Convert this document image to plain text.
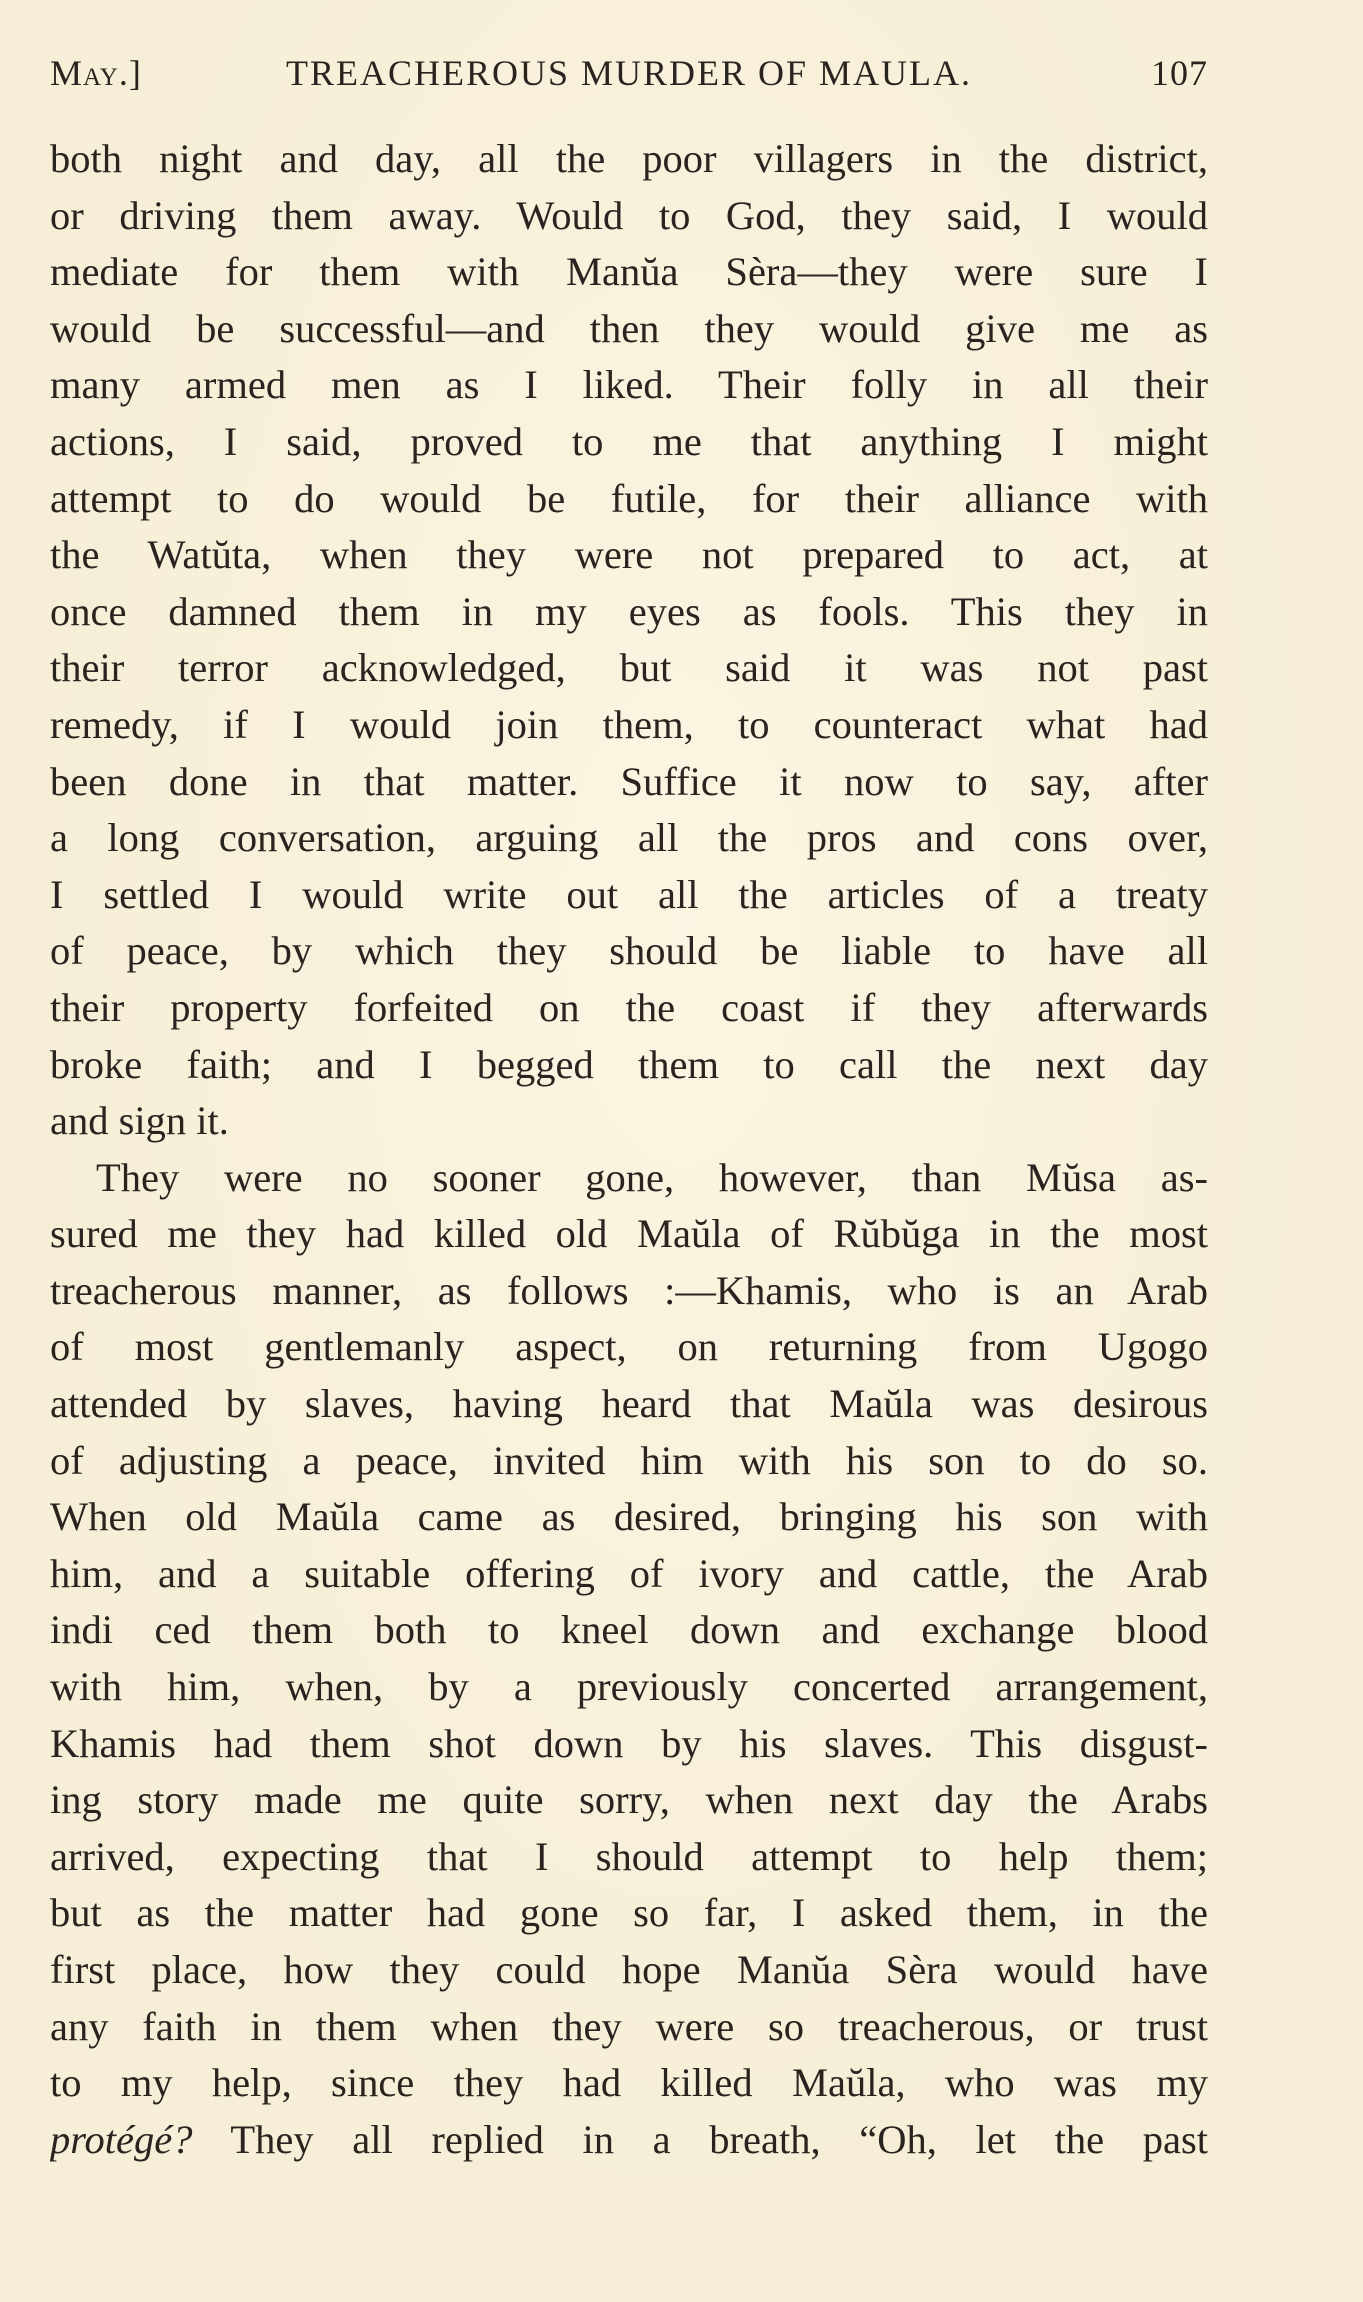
May.]	TREACHEROUS MURDER OF MAULA.	107
both night and day, all the poor villagers in the district,
or driving them away. Would to God, they said, I would
mediate for them with Manŭa Sèra—they were sure I
would be successful—and then they would give me as
many armed men as I liked. Their folly in all their
actions, I said, proved to me that anything I might
attempt to do would be futile, for their alliance with
the Watŭta, when they were not prepared to act, at
once damned them in my eyes as fools. This they in
their terror acknowledged, but said it was not past
remedy, if I would join them, to counteract what had
been done in that matter. Suffice it now to say, after
a long conversation, arguing all the pros and cons over,
I settled I would write out all the articles of a treaty
of peace, by which they should be liable to have all
their property forfeited on the coast if they afterwards
broke faith; and I begged them to call the next day
and sign it.
They were no sooner gone, however, than Mŭsa as-
sured me they had killed old Maŭla of Rŭbŭga in the most
treacherous manner, as follows :—Khamis, who is an Arab
of most gentlemanly aspect, on returning from Ugogo
attended by slaves, having heard that Maŭla was desirous
of adjusting a peace, invited him with his son to do so.
When old Maŭla came as desired, bringing his son with
him, and a suitable offering of ivory and cattle, the Arab
indi ced them both to kneel down and exchange blood
with him, when, by a previously concerted arrangement,
Khamis had them shot down by his slaves. This disgust-
ing story made me quite sorry, when next day the Arabs
arrived, expecting that I should attempt to help them;
but as the matter had gone so far, I asked them, in the
first place, how they could hope Manŭa Sèra would have
any faith in them when they were so treacherous, or trust
to my help, since they had killed Maŭla, who was my
protégé? They all replied in a breath, “Oh, let the past
